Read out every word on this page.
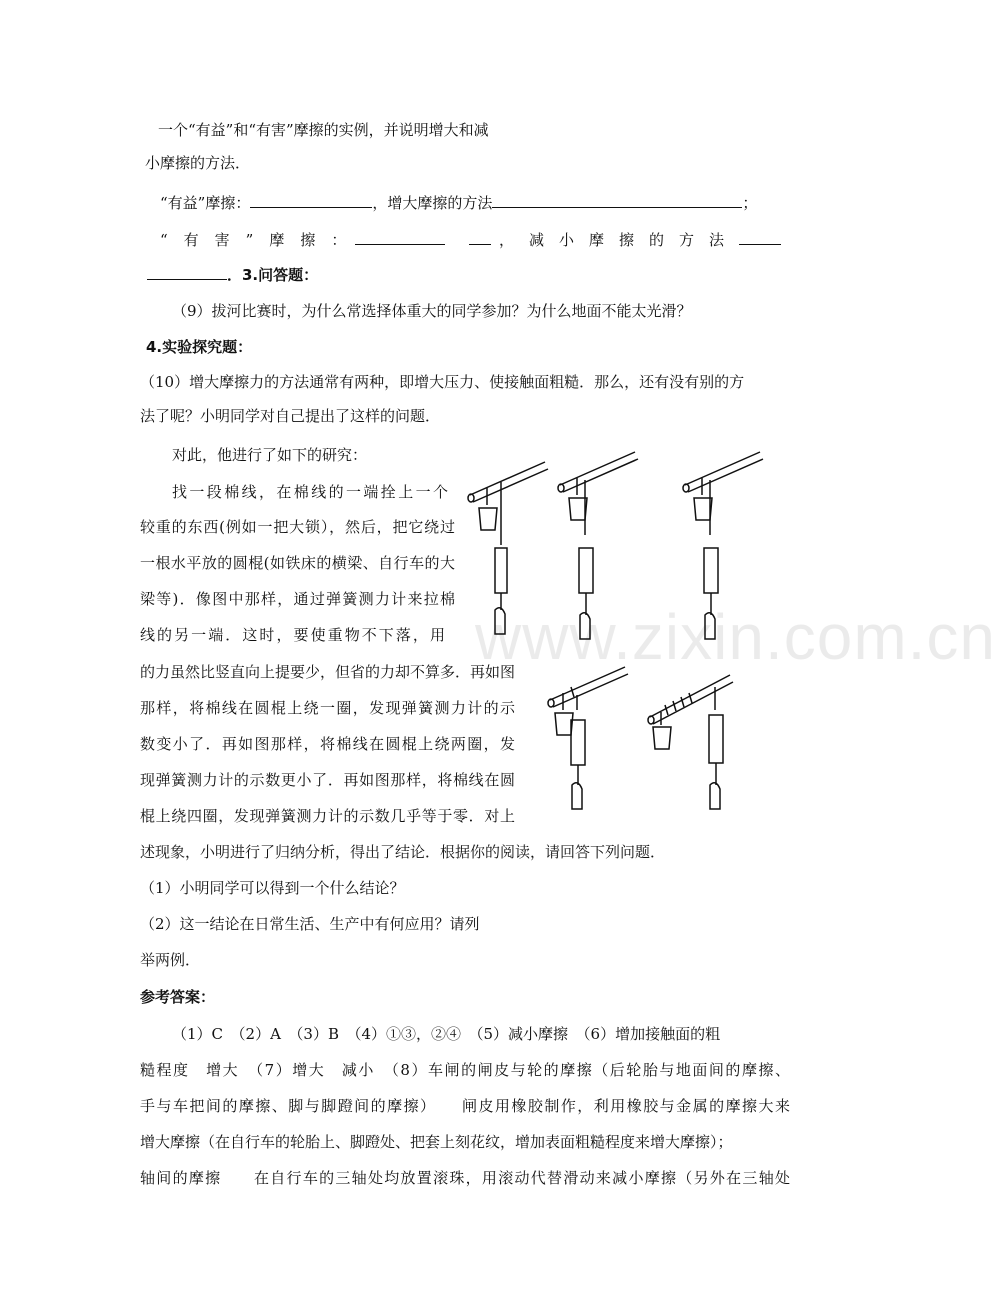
www.zixin.com.cn
一个“有益”和“有害”摩擦的实例，并说明增大和减
小摩擦的方法．
“有益”摩擦：	，增大摩擦的方法	；
“有害”摩擦：	，减小摩擦的方法
．3.问答题：
（9）拔河比赛时，为什么常选择体重大的同学参加？为什么地面不能太光滑？
4.实验探究题：
（10）增大摩擦力的方法通常有两种，即增大压力、使接触面粗糙．那么，还有没有别的方
法了呢？小明同学对自己提出了这样的问题．
对此，他进行了如下的研究：
找一段棉线，在棉线的一端拴上一个
较重的东西(例如一把大锁），然后，把它绕过
一根水平放的圆棍(如铁床的横梁、自行车的大
梁等)．像图中那样，通过弹簧测力计来拉棉
线的另一端．这时，要使重物不下落，用
的力虽然比竖直向上提要少，但省的力却不算多．再如图
那样，将棉线在圆棍上绕一圈，发现弹簧测力计的示
数变小了．再如图那样，将棉线在圆棍上绕两圈，发
现弹簧测力计的示数更小了．再如图那样，将棉线在圆
棍上绕四圈，发现弹簧测力计的示数几乎等于零．对上
述现象，小明进行了归纳分析，得出了结论．根据你的阅读，请回答下列问题．
（1）小明同学可以得到一个什么结论？
（2）这一结论在日常生活、生产中有何应用？请列
举两例．
参考答案：
（1）C　（2）A　（3）B　（4）①③，②④　（5）减小摩擦　（6）增加接触面的粗
糙程度　增大　（7）增大　减小　（8）车闸的闸皮与轮的摩擦（后轮胎与地面间的摩擦、
手与车把间的摩擦、脚与脚蹬间的摩擦）　　闸皮用橡胶制作，利用橡胶与金属的摩擦大来
增大摩擦（在自行车的轮胎上、脚蹬处、把套上刻花纹，增加表面粗糙程度来增大摩擦）；
轴间的摩擦　　在自行车的三轴处均放置滚珠，用滚动代替滑动来减小摩擦（另外在三轴处
